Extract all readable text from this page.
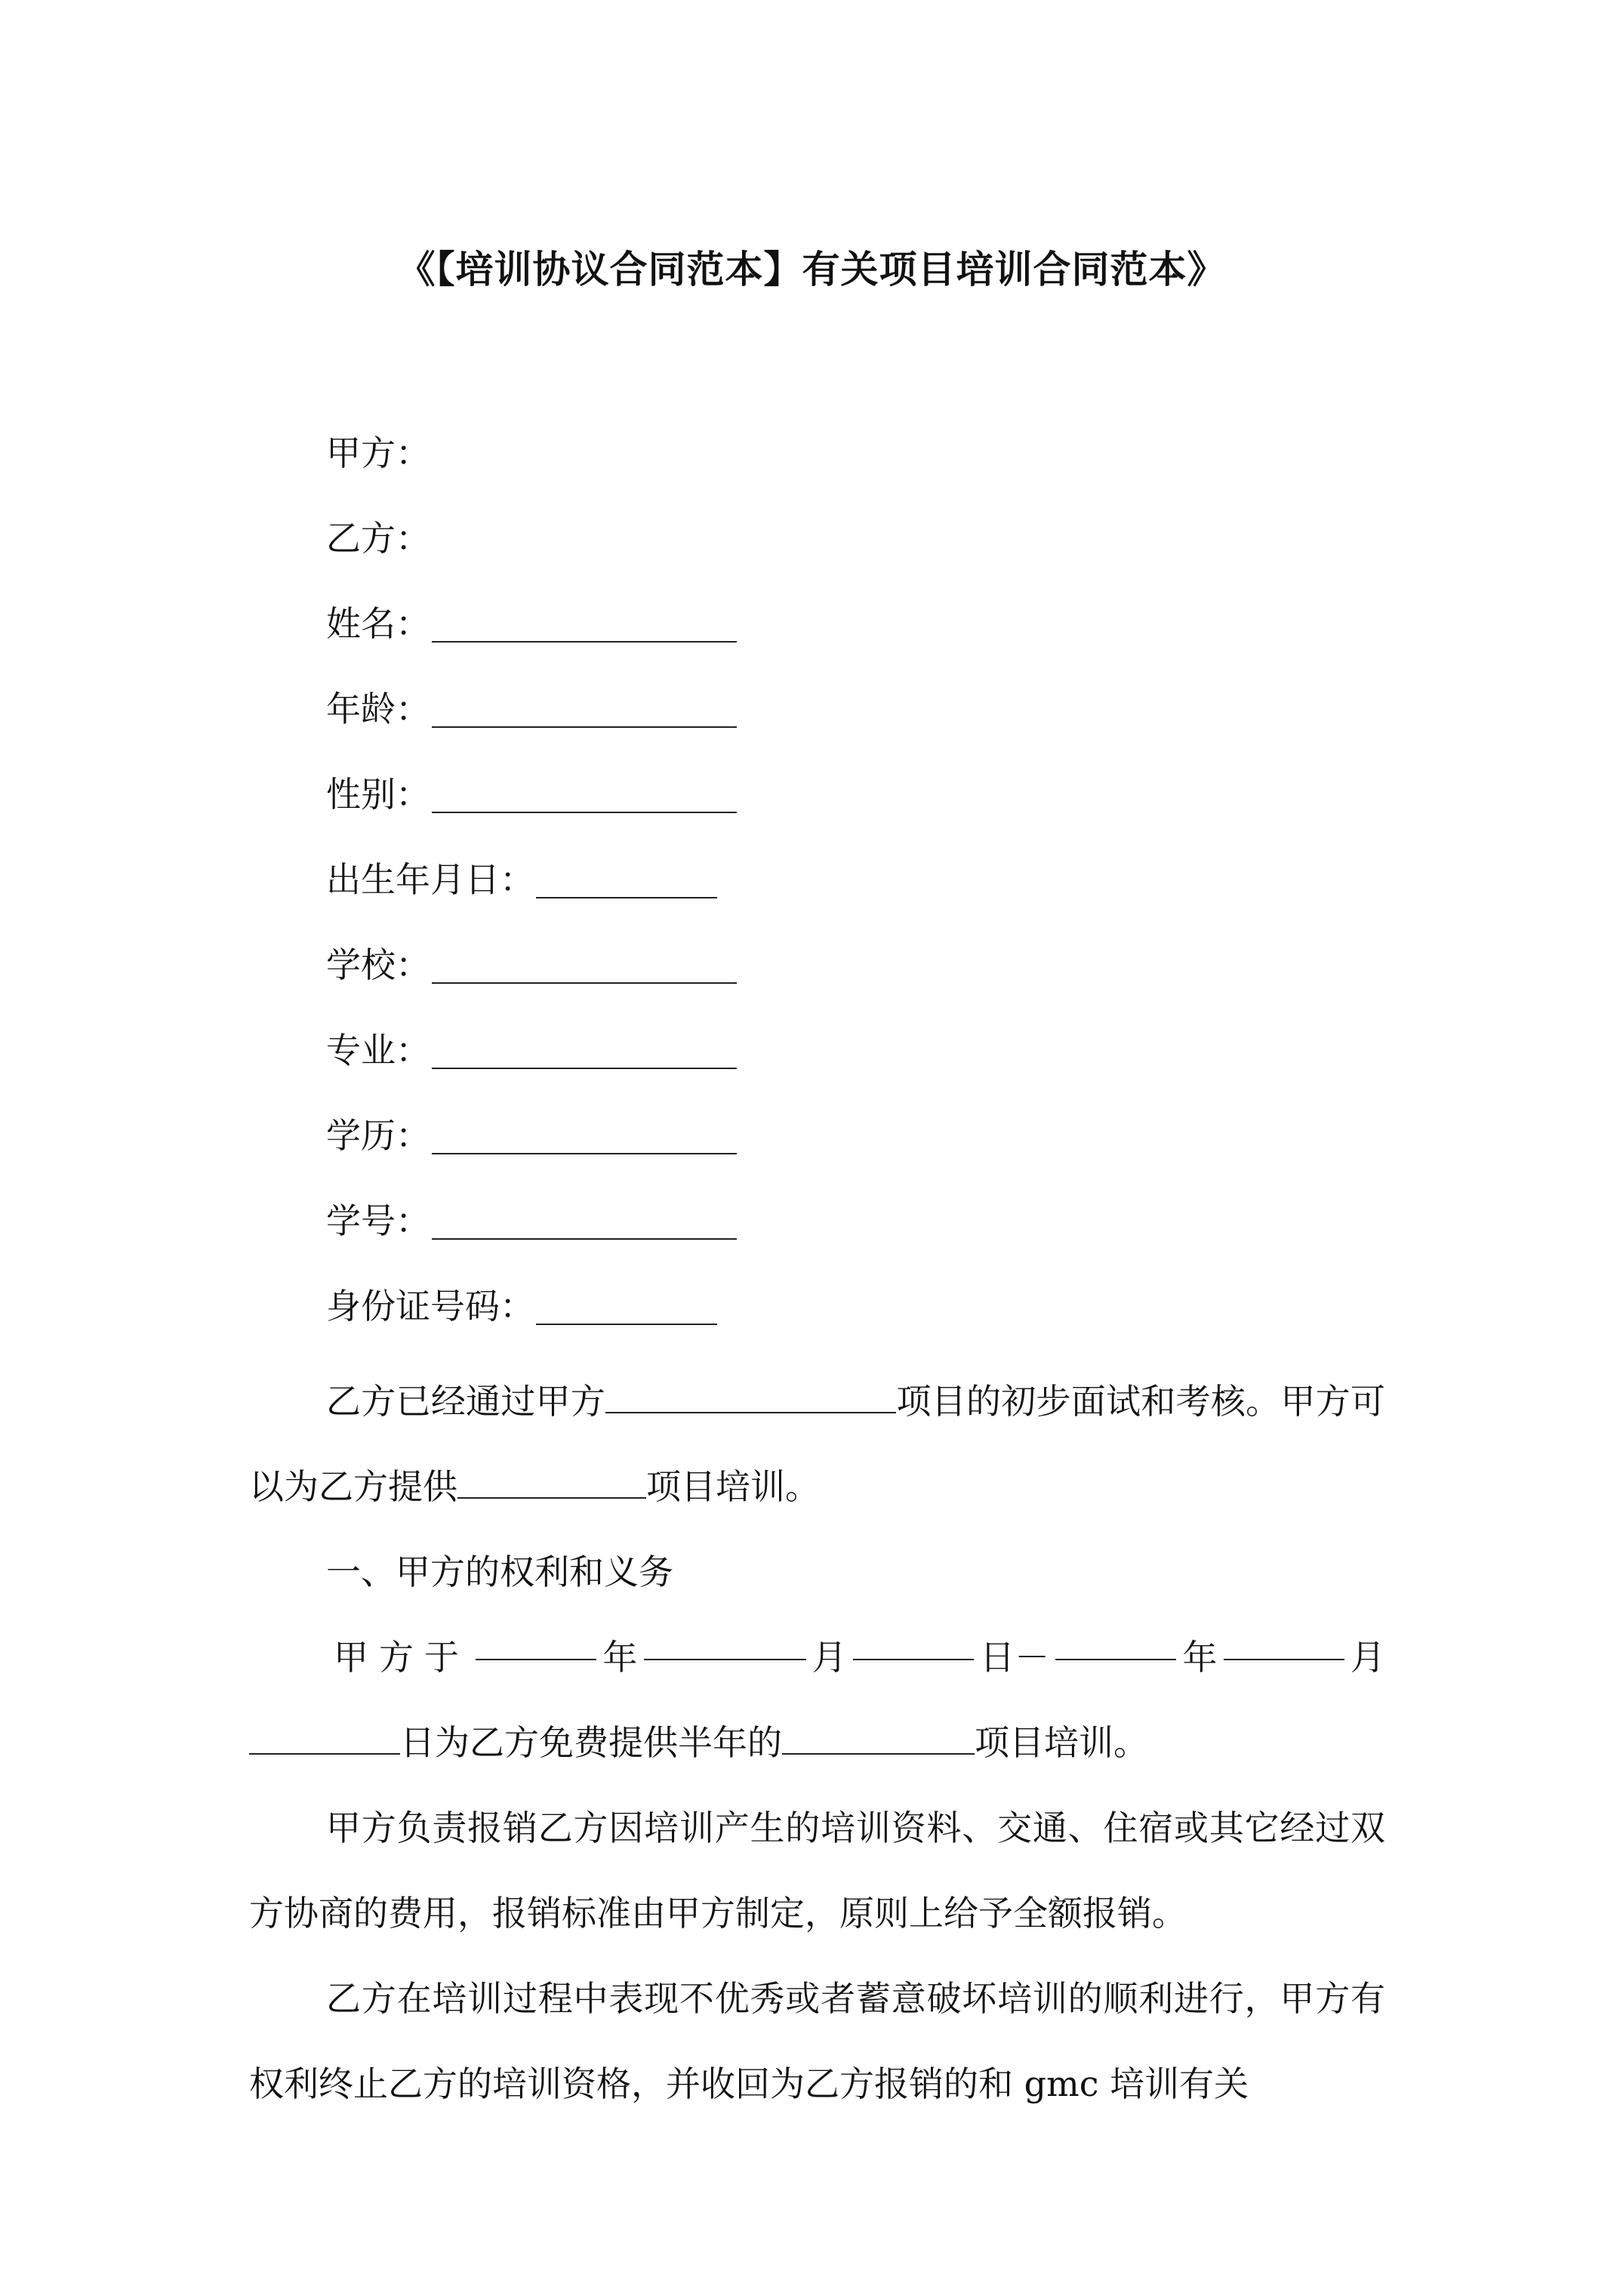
《【培训协议合同范本】有关项目培训合同范本》
甲方：
乙方：
姓名：
年龄：
性别：
出生年月日：
学校：
专业：
学历：
学号：
身份证号码：

乙方已经通过甲方	项目的初步面试和考核。甲方可以为乙方提供	项目培训。

一、甲方的权利和义务

甲方于	年	月	日－	年	月

日为乙方免费提供半年的	项目培训。

甲方负责报销乙方因培训产生的培训资料、交通、住宿或其它经过双方协商的费用，报销标准由甲方制定，原则上给予全额报销。

乙方在培训过程中表现不优秀或者蓄意破坏培训的顺利进行，甲方有权利终止乙方的培训资格，并收回为乙方报销的和 gmc 培训有关
